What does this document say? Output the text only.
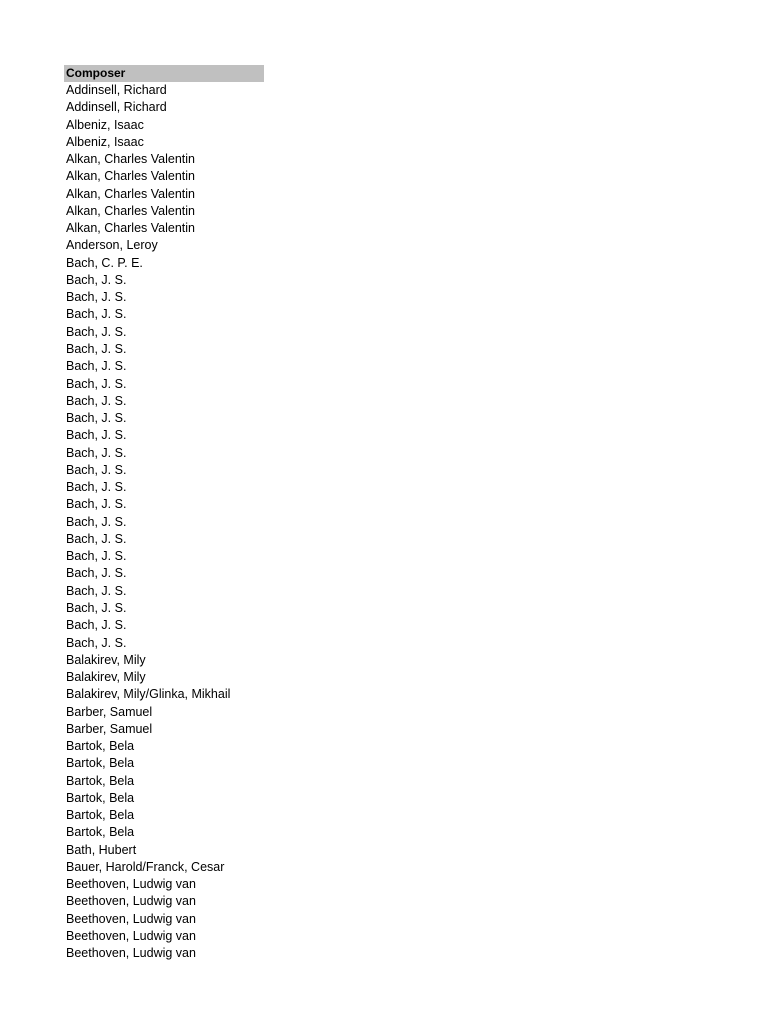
Composer
Addinsell, Richard
Addinsell, Richard
Albeniz, Isaac
Albeniz, Isaac
Alkan, Charles Valentin
Alkan, Charles Valentin
Alkan, Charles Valentin
Alkan, Charles Valentin
Alkan, Charles Valentin
Anderson, Leroy
Bach, C. P. E.
Bach, J. S.
Bach, J. S.
Bach, J. S.
Bach, J. S.
Bach, J. S.
Bach, J. S.
Bach, J. S.
Bach, J. S.
Bach, J. S.
Bach, J. S.
Bach, J. S.
Bach, J. S.
Bach, J. S.
Bach, J. S.
Bach, J. S.
Bach, J. S.
Bach, J. S.
Bach, J. S.
Bach, J. S.
Bach, J. S.
Bach, J. S.
Bach, J. S.
Balakirev, Mily
Balakirev, Mily
Balakirev, Mily/Glinka, Mikhail
Barber, Samuel
Barber, Samuel
Bartok, Bela
Bartok, Bela
Bartok, Bela
Bartok, Bela
Bartok, Bela
Bartok, Bela
Bath, Hubert
Bauer, Harold/Franck, Cesar
Beethoven, Ludwig van
Beethoven, Ludwig van
Beethoven, Ludwig van
Beethoven, Ludwig van
Beethoven, Ludwig van
